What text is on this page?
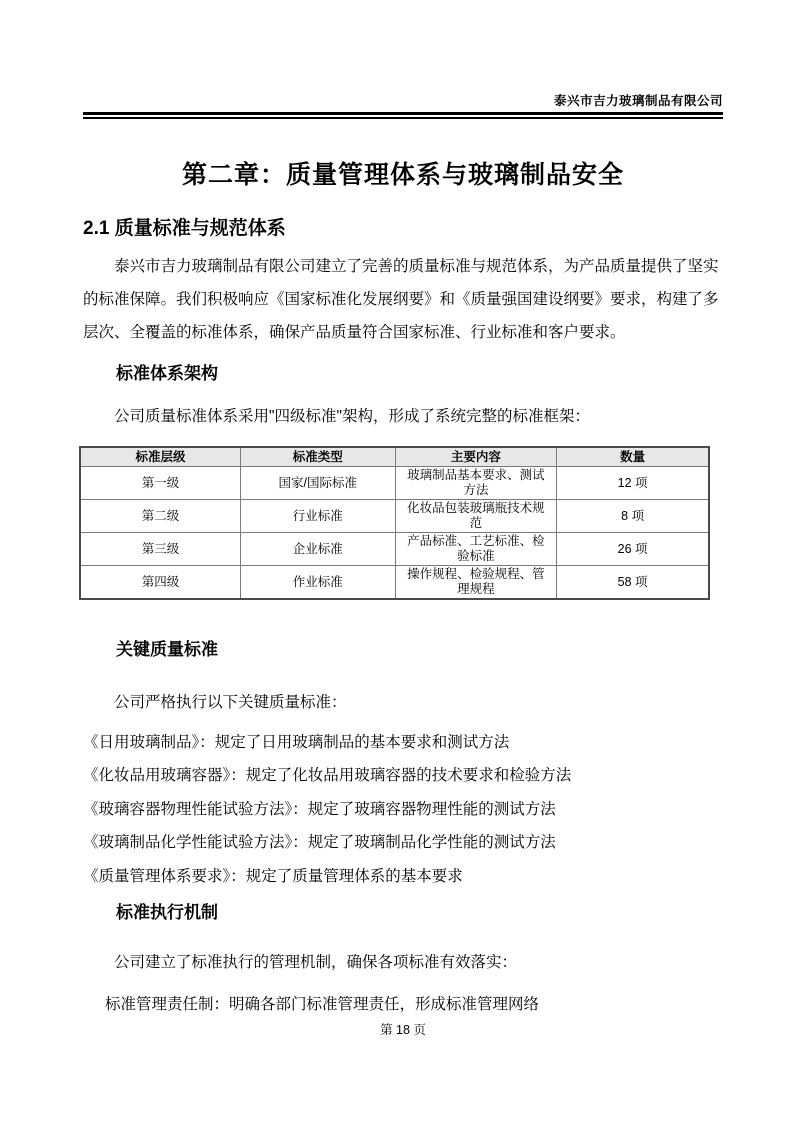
泰兴市吉力玻璃制品有限公司
第二章：质量管理体系与玻璃制品安全
2.1 质量标准与规范体系

泰兴市吉力玻璃制品有限公司建立了完善的质量标准与规范体系，为产品质量提供了坚实的标准保障。我们积极响应《国家标准化发展纲要》和《质量强国建设纲要》要求，构建了多层次、全覆盖的标准体系，确保产品质量符合国家标准、行业标准和客户要求。

标准体系架构

公司质量标准体系采用"四级标准"架构，形成了系统完整的标准框架：

标准层级	标准类型	主要内容	数量
第一级	国家/国际标准	玻璃制品基本要求、测试方法	12 项
第二级	行业标准	化妆品包装玻璃瓶技术规范	8 项
第三级	企业标准	产品标准、工艺标准、检验标准	26 项
第四级	作业标准	操作规程、检验规程、管理规程	58 项
关键质量标准

公司严格执行以下关键质量标准：

《日用玻璃制品》：规定了日用玻璃制品的基本要求和测试方法
《化妆品用玻璃容器》：规定了化妆品用玻璃容器的技术要求和检验方法
《玻璃容器物理性能试验方法》：规定了玻璃容器物理性能的测试方法
《玻璃制品化学性能试验方法》：规定了玻璃制品化学性能的测试方法
《质量管理体系要求》：规定了质量管理体系的基本要求
标准执行机制

公司建立了标准执行的管理机制，确保各项标准有效落实：

标准管理责任制：明确各部门标准管理责任，形成标准管理网络
第 18 页
